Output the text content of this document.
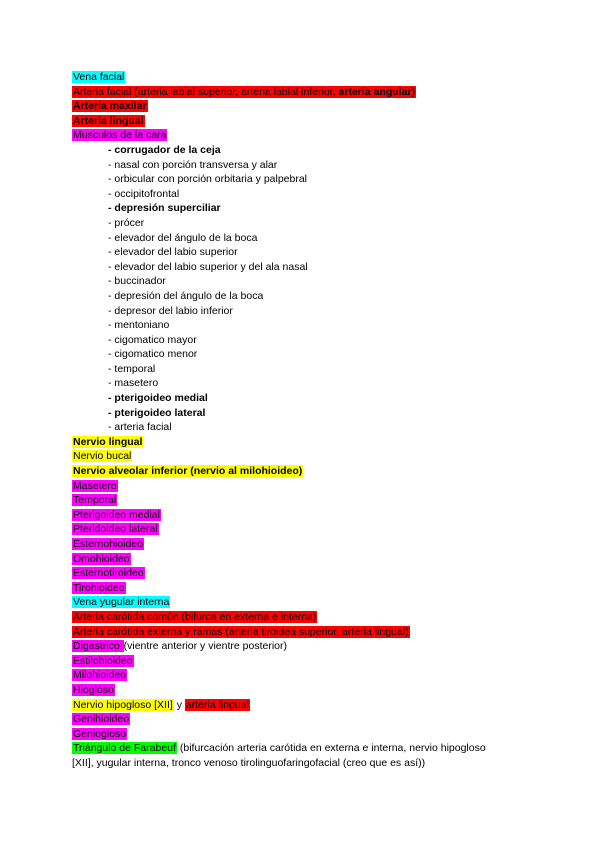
Vena facial
Arteria facial (arteria labial superior, arteria labial inferior, arteria angular)
Arteria maxilar
Arteria lingual
Musculos de la cara
- corrugador de la ceja
- nasal con porción transversa y alar
- orbicular con porción orbitaria y palpebral
- occipitofrontal
- depresión superciliar
- prócer
- elevador del ángulo de la boca
- elevador del labio superior
- elevador del labio superior y del ala nasal
- buccinador
- depresión del ángulo de la boca
- depresor del labio inferior
- mentoniano
- cigomatico mayor
- cigomatico menor
- temporal
- masetero
- pterigoideo medial
- pterigoideo lateral
- arteria facial
Nervio lingual
Nervio bucal
Nervio alveolar inferior (nervio al milohioideo)
Masetero
Temporal
Pterigoideo medial
Pteridoideo lateral
Esternohioideo
Omohioideo
Esternotiroideo
Tirohioideo
Vena yugular interna
Arteria carótida común (bifurca en externa e interna)
Arteria carótida externa y ramas (arteria tiroidea superior, arteria lingual)
Digastrico (vientre anterior y vientre posterior)
Estilohioideo
Milohioideo
Hiogloso
Nervio hipogloso [XII] y arteria lingual
Genihioideo
Geniogloso
Triángulo de Farabeuf (bifurcación arteria carótida en externa e interna, nervio hipogloso
[XII], yugular interna, tronco venoso tirolinguofaringofacial (creo que es así))
